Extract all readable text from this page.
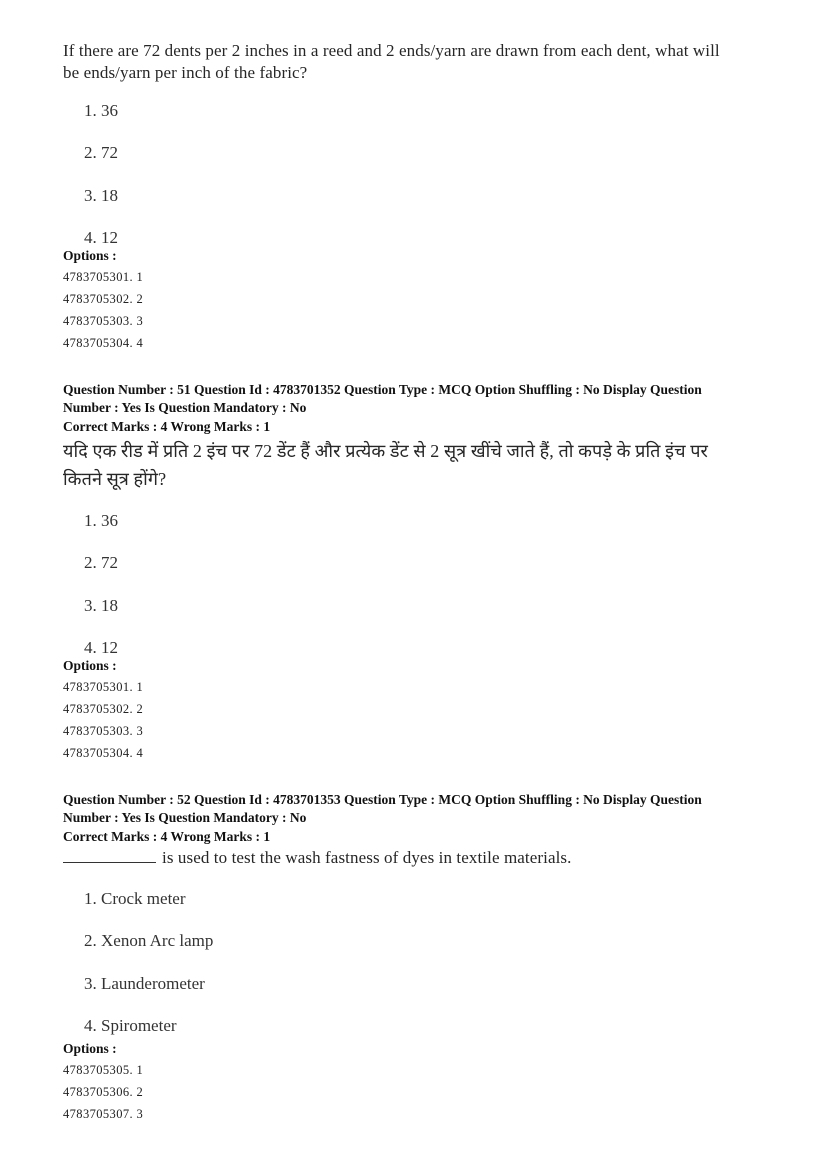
If there are 72 dents per 2 inches in a reed and 2 ends/yarn are drawn from each dent, what will
be ends/yarn per inch of the fabric?
1. 36
2. 72
3. 18
4. 12
Options :
4783705301. 1
4783705302. 2
4783705303. 3
4783705304. 4
Question Number : 51 Question Id : 4783701352 Question Type : MCQ Option Shuffling : No Display Question
Number : Yes Is Question Mandatory : No
Correct Marks : 4 Wrong Marks : 1
यदि एक रीड में प्रति 2 इंच पर 72 डेंट हैं और प्रत्येक डेंट से 2 सूत्र खींचे जाते हैं, तो कपड़े के प्रति इंच पर
कितने सूत्र होंगे?
1. 36
2. 72
3. 18
4. 12
Options :
4783705301. 1
4783705302. 2
4783705303. 3
4783705304. 4
Question Number : 52 Question Id : 4783701353 Question Type : MCQ Option Shuffling : No Display Question
Number : Yes Is Question Mandatory : No
Correct Marks : 4 Wrong Marks : 1
is used to test the wash fastness of dyes in textile materials.
1. Crock meter
2. Xenon Arc lamp
3. Launderometer
4. Spirometer
Options :
4783705305. 1
4783705306. 2
4783705307. 3
